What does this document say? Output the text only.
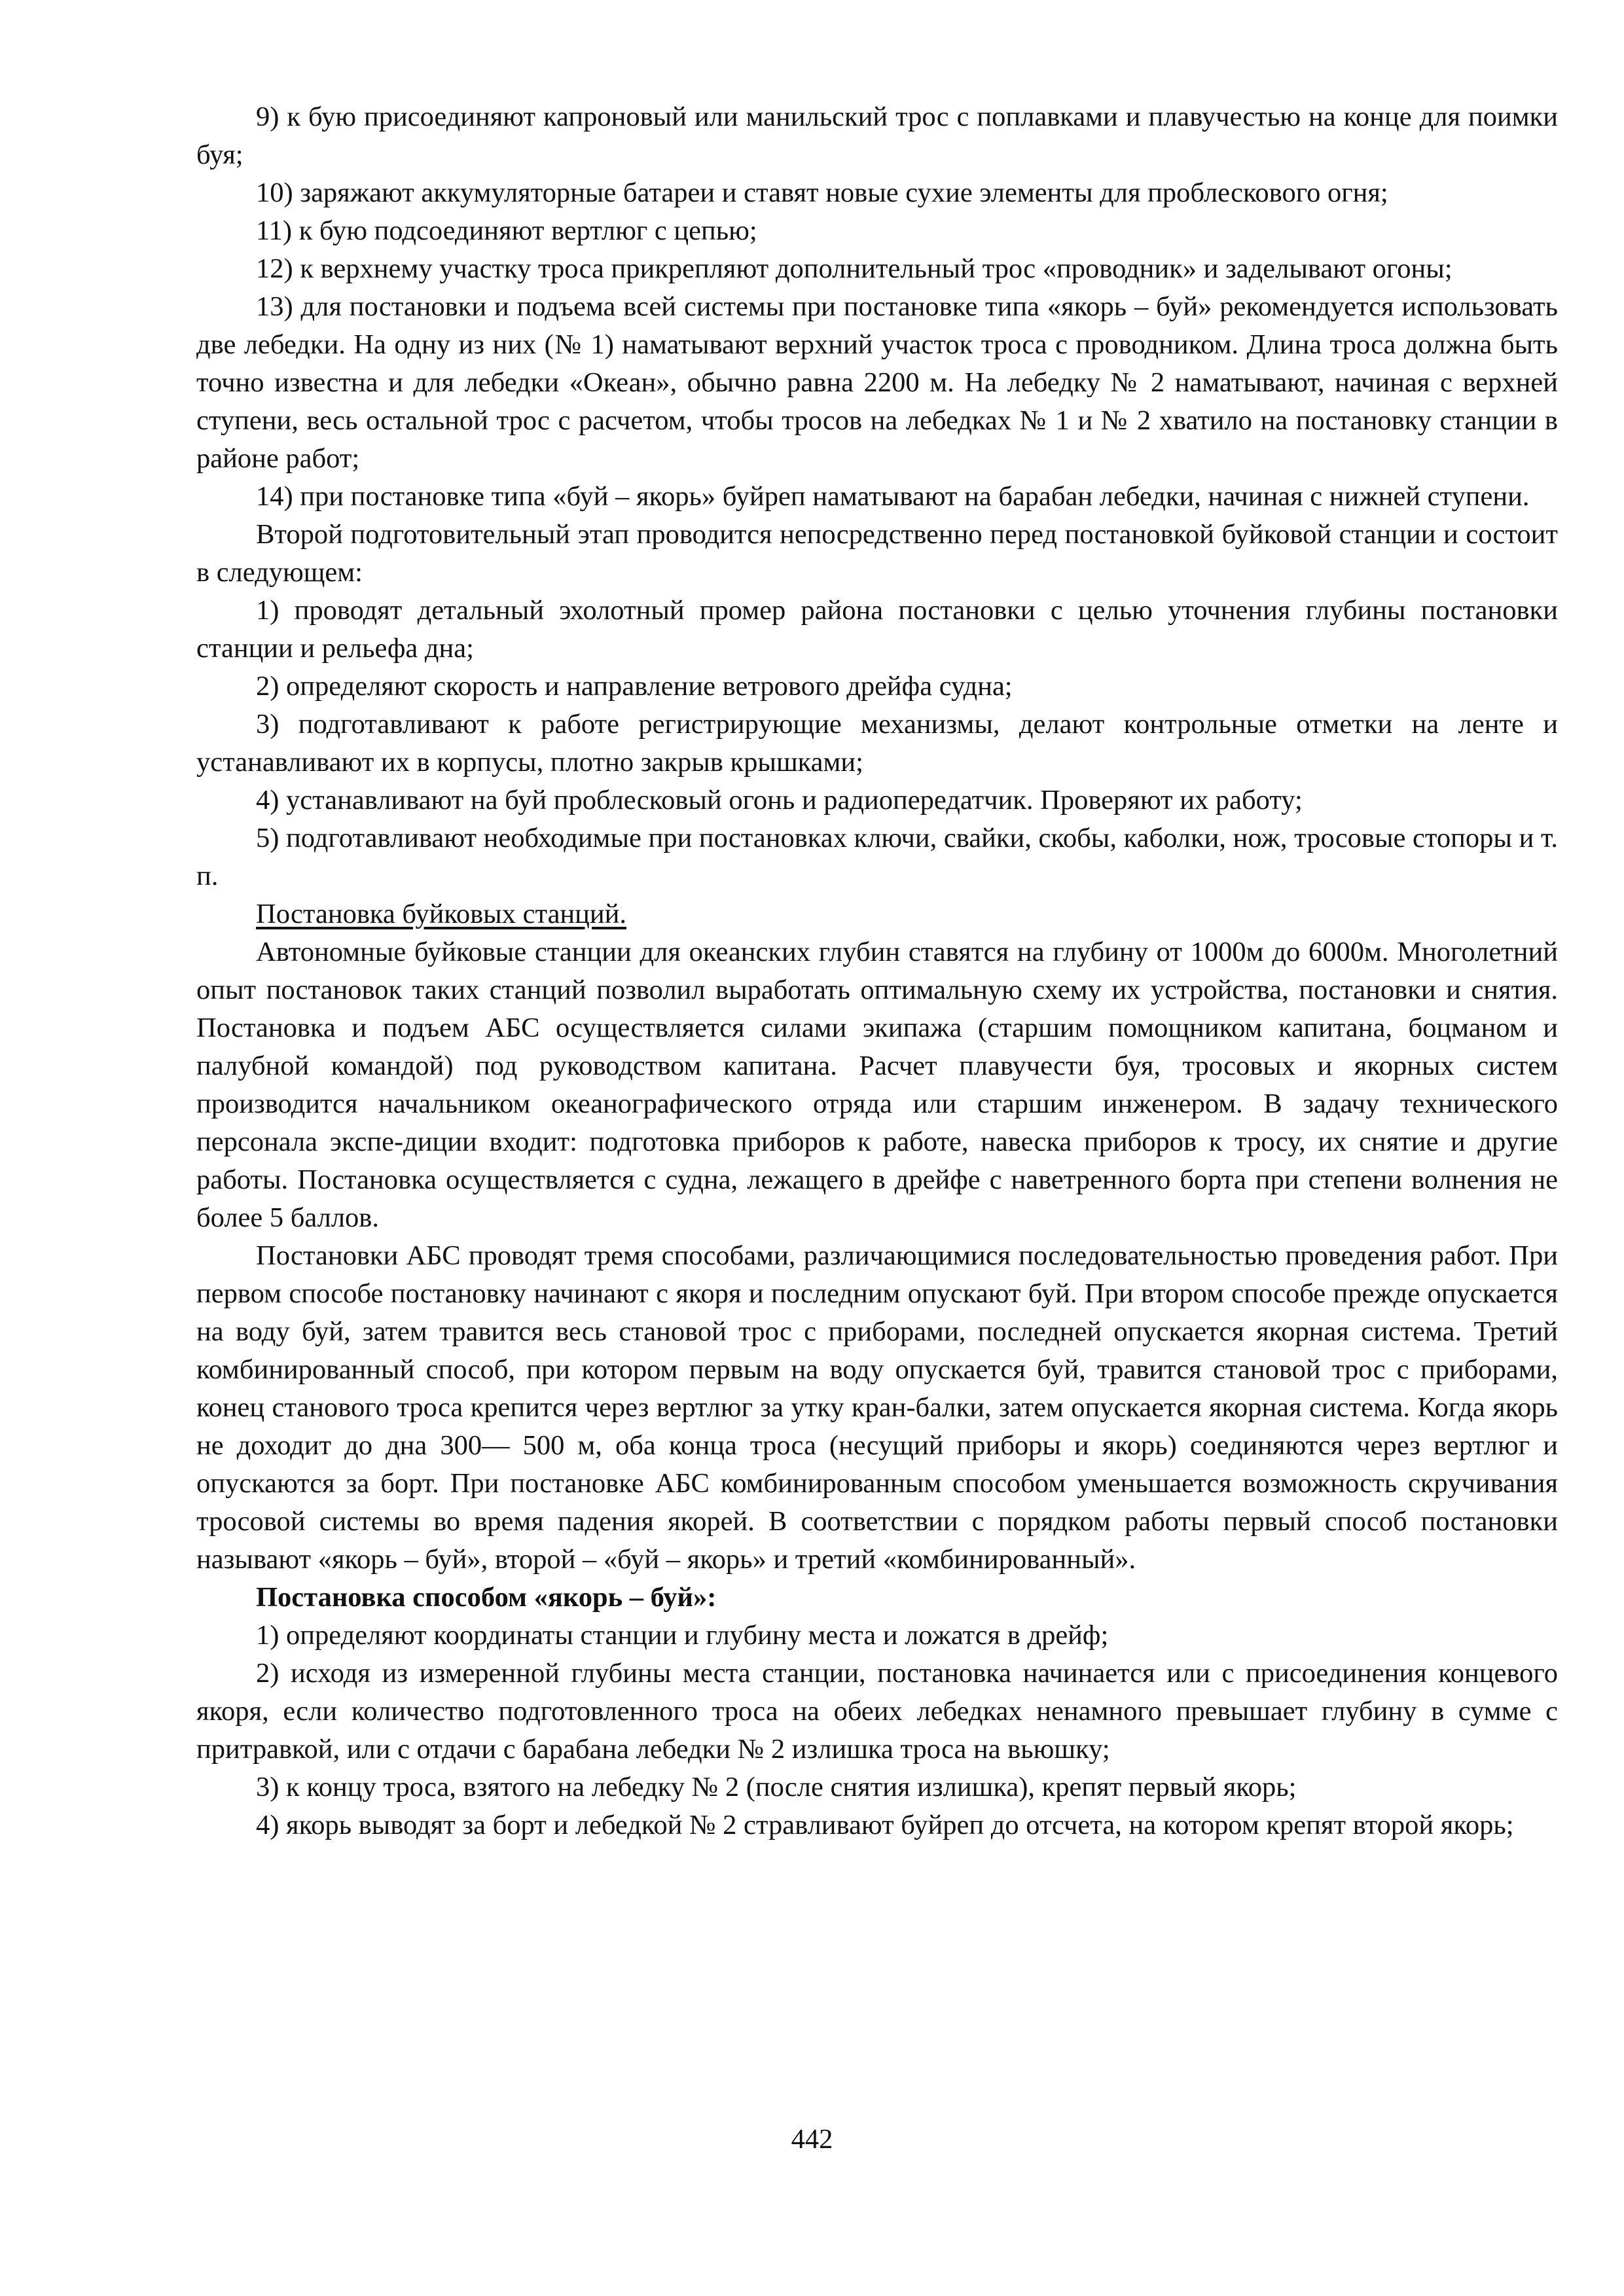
9) к бую присоединяют капроновый или манильский трос с поплавками и плавучестью на конце для поимки буя;

10) заряжают аккумуляторные батареи и ставят новые сухие элементы для проблескового огня;

11) к бую подсоединяют вертлюг с цепью;

12) к верхнему участку троса прикрепляют дополнительный трос «проводник» и заделывают огоны;

13) для постановки и подъема всей системы при постановке типа «якорь – буй» рекомендуется использовать две лебедки. На одну из них (№ 1) наматывают верхний участок троса с проводником. Длина троса должна быть точно известна и для лебедки «Океан», обычно равна 2200 м. На лебедку № 2 наматывают, начиная с верхней ступени, весь остальной трос с расчетом, чтобы тросов на лебедках № 1 и № 2 хватило на постановку станции в районе работ;

14) при постановке типа «буй – якорь» буйреп наматывают на барабан лебедки, начиная с нижней ступени.

Второй подготовительный этап проводится непосредственно перед постановкой буйковой станции и состоит в следующем:

1) проводят детальный эхолотный промер района постановки с целью уточнения глубины постановки станции и рельефа дна;

2) определяют скорость и направление ветрового дрейфа судна;

3) подготавливают к работе регистрирующие механизмы, делают контрольные отметки на ленте и устанавливают их в корпусы, плотно закрыв крышками;

4) устанавливают на буй проблесковый огонь и радиопередатчик. Проверяют их работу;

5) подготавливают необходимые при постановках ключи, свайки, скобы, каболки, нож, тросовые стопоры и т. п.

Постановка буйковых станций.

Автономные буйковые станции для океанских глубин ставятся на глубину от 1000м до 6000м. Многолетний опыт постановок таких станций позволил выработать оптимальную схему их устройства, постановки и снятия. Постановка и подъем АБС осуществляется силами экипажа (старшим помощником капитана, боцманом и палубной командой) под руководством капитана. Расчет плавучести буя, тросовых и якорных систем производится начальником океанографического отряда или старшим инженером. В задачу технического персонала экспе-диции входит: подготовка приборов к работе, навеска приборов к тросу, их снятие и другие работы. Постановка осуществляется с судна, лежащего в дрейфе с наветренного борта при степени волнения не более 5 баллов.

Постановки АБС проводят тремя способами, различающимися последовательностью проведения работ. При первом способе постановку начинают с якоря и последним опускают буй. При втором способе прежде опускается на воду буй, затем травится весь становой трос с приборами, последней опускается якорная система. Третий комбинированный способ, при котором первым на воду опускается буй, травится становой трос с приборами, конец станового троса крепится через вертлюг за утку кран-балки, затем опускается якорная система. Когда якорь не доходит до дна 300— 500 м, оба конца троса (несущий приборы и якорь) соединяются через вертлюг и опускаются за борт. При постановке АБС комбинированным способом уменьшается возможность скручивания тросовой системы во время падения якорей. В соответствии с порядком работы первый способ постановки называют «якорь – буй», второй – «буй – якорь» и третий «комбинированный».

Постановка способом «якорь – буй»:

1) определяют координаты станции и глубину места и ложатся в дрейф;

2) исходя из измеренной глубины места станции, постановка начинается или с присоединения концевого якоря, если количество подготовленного троса на обеих лебедках ненамного превышает глубину в сумме с притравкой, или с отдачи с барабана лебедки № 2 излишка троса на вьюшку;

3) к концу троса, взятого на лебедку № 2 (после снятия излишка), крепят первый якорь;

4) якорь выводят за борт и лебедкой № 2 стравливают буйреп до отсчета, на котором крепят второй якорь;

442
